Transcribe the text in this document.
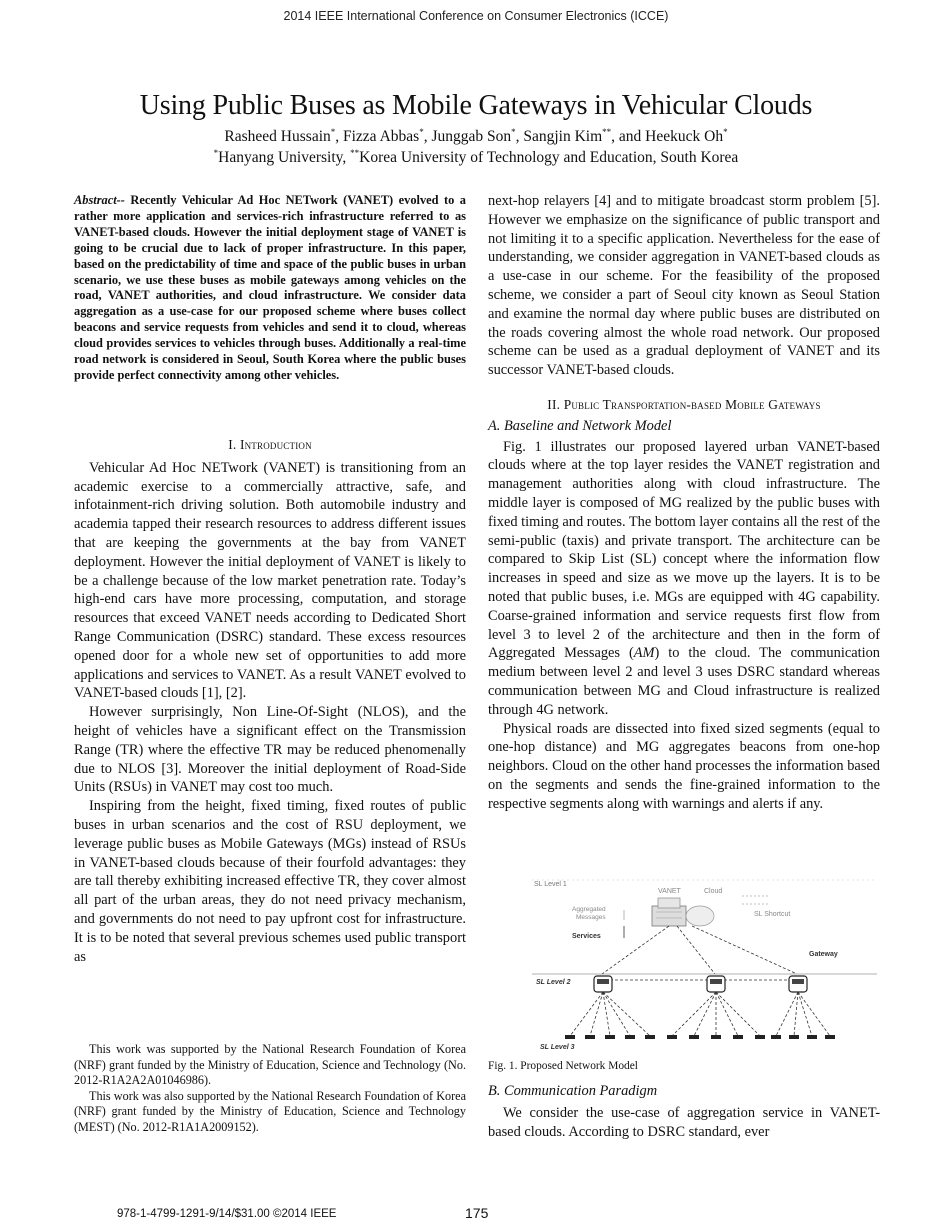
2014 IEEE International Conference on Consumer Electronics (ICCE)
Using Public Buses as Mobile Gateways in Vehicular Clouds
Rasheed Hussain*, Fizza Abbas*, Junggab Son*, Sangjin Kim**, and Heekuck Oh*
*Hanyang University, **Korea University of Technology and Education, South Korea
Abstract-- Recently Vehicular Ad Hoc NETwork (VANET) evolved to a rather more application and services-rich infrastructure referred to as VANET-based clouds. However the initial deployment stage of VANET is going to be crucial due to lack of proper infrastructure. In this paper, based on the predictability of time and space of the public buses in urban scenario, we use these buses as mobile gateways among vehicles on the road, VANET authorities, and cloud infrastructure. We consider data aggregation as a use-case for our proposed scheme where buses collect beacons and service requests from vehicles and send it to cloud, whereas cloud provides services to vehicles through buses. Additionally a real-time road network is considered in Seoul, South Korea where the public buses provide perfect connectivity among other vehicles.
I. Introduction

Vehicular Ad Hoc NETwork (VANET) is transitioning from an academic exercise to a commercially attractive, safe, and infotainment-rich driving solution. Both automobile industry and academia tapped their research resources to address different issues that are keeping the governments at the bay from VANET deployment. However the initial deployment of VANET is likely to be a challenge because of the low market penetration rate. Today’s high-end cars have more processing, computation, and storage resources that exceed VANET needs according to Dedicated Short Range Communication (DSRC) standard. These excess resources opened door for a whole new set of opportunities to add more applications and services to VANET. As a result VANET evolved to VANET-based clouds [1], [2].

However surprisingly, Non Line-Of-Sight (NLOS), and the height of vehicles have a significant effect on the Transmission Range (TR) where the effective TR may be reduced phenomenally due to NLOS [3]. Moreover the initial deployment of Road-Side Units (RSUs) in VANET may cost too much.

Inspiring from the height, fixed timing, fixed routes of public buses in urban scenarios and the cost of RSU deployment, we leverage public buses as Mobile Gateways (MGs) instead of RSUs in VANET-based clouds because of their fourfold advantages: they are tall thereby exhibiting increased effective TR, they cover almost all part of the urban areas, they do not need privacy mechanism, and governments do not need to pay upfront cost for infrastructure. It is to be noted that several previous schemes used public transport as

This work was supported by the National Research Foundation of Korea (NRF) grant funded by the Ministry of Education, Science and Technology (No. 2012-R1A2A2A01046986).

This work was also supported by the National Research Foundation of Korea (NRF) grant funded by the Ministry of Education, Science and Technology (MEST) (No. 2012-R1A1A2009152).

next-hop relayers [4] and to mitigate broadcast storm problem [5]. However we emphasize on the significance of public transport and not limiting it to a specific application. Nevertheless for the ease of understanding, we consider aggregation in VANET-based clouds as a use-case in our scheme. For the feasibility of the proposed scheme, we consider a part of Seoul city known as Seoul Station and examine the normal day where public buses are distributed on the roads covering almost the whole road network. Our proposed scheme can be used as a gradual deployment of VANET and its successor VANET-based clouds.

II. Public Transportation-based Mobile Gateways
A. Baseline and Network Model

Fig. 1 illustrates our proposed layered urban VANET-based clouds where at the top layer resides the VANET registration and management authorities along with cloud infrastructure. The middle layer is composed of MG realized by the public buses with fixed timing and routes. The bottom layer contains all the rest of the semi-public (taxis) and private transport. The architecture can be compared to Skip List (SL) concept where the information flow increases in speed and size as we move up the layers. It is to be noted that public buses, i.e. MGs are equipped with 4G capability. Coarse-grained information and service requests first flow from level 3 to level 2 of the architecture and then in the form of Aggregated Messages (AM) to the cloud. The communication medium between level 2 and level 3 uses DSRC standard whereas communication between MG and Cloud infrastructure is realized through 4G network.

Physical roads are dissected into fixed sized segments (equal to one-hop distance) and MG aggregates beacons from one-hop neighbors. Cloud on the other hand processes the information based on the segments and sends the fine-grained information to the respective segments along with warnings and alerts if any.

SL Level 1
VANET	Cloud
Aggregated
Messages	SL Shortcut
Services
Gateway
SL Level 2
SL Level 3
Fig. 1. Proposed Network Model
B. Communication Paradigm

We consider the use-case of aggregation service in VANET-based clouds. According to DSRC standard, ever

978-1-4799-1291-9/14/$31.00 ©2014 IEEE	175
